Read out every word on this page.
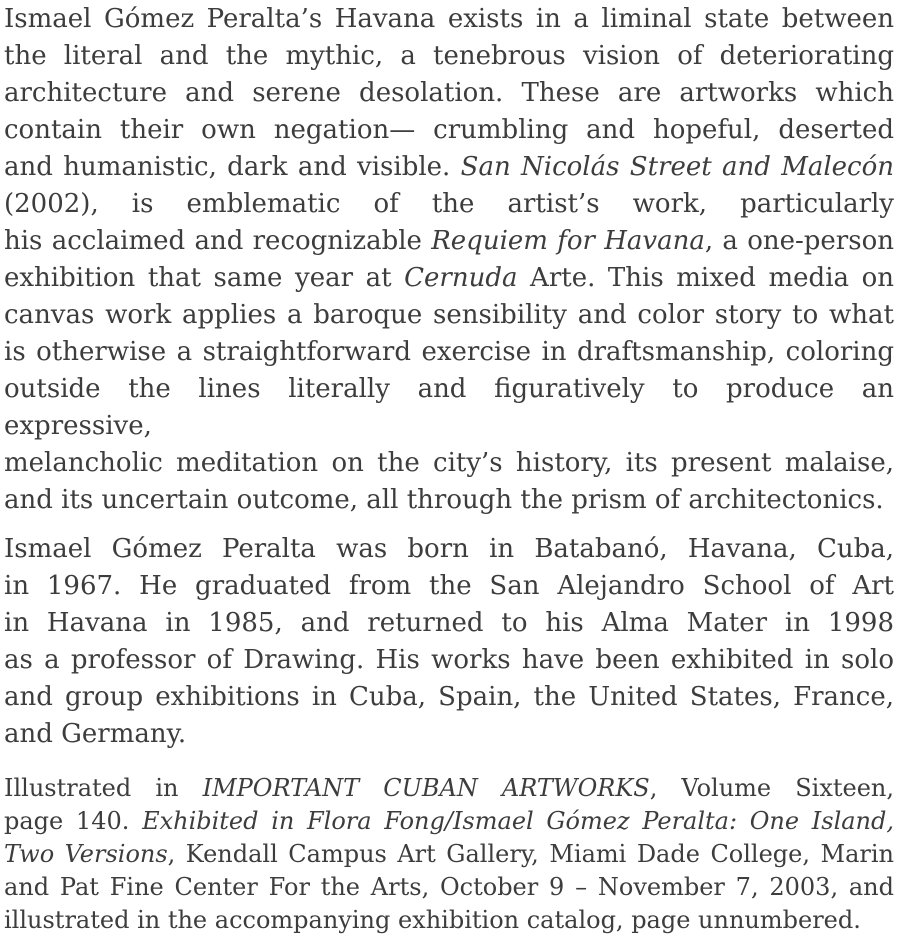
Ismael Gómez Peralta’s Havana exists in a liminal state between
the literal and the mythic, a tenebrous vision of deteriorating
architecture and serene desolation. These are artworks which
contain their own negation— crumbling and hopeful, deserted
and humanistic, dark and visible. San Nicolás Street and Malecón
(2002), is emblematic of the artist’s work, particularly
his acclaimed and recognizable Requiem for Havana, a one-person
exhibition that same year at Cernuda Arte. This mixed media on
canvas work applies a baroque sensibility and color story to what
is otherwise a straightforward exercise in draftsmanship, coloring
outside the lines literally and figuratively to produce an expressive,
melancholic meditation on the city’s history, its present malaise,
and its uncertain outcome, all through the prism of architectonics.
Ismael Gómez Peralta was born in Batabanó, Havana, Cuba,
in 1967. He graduated from the San Alejandro School of Art
in Havana in 1985, and returned to his Alma Mater in 1998
as a professor of Drawing. His works have been exhibited in solo
and group exhibitions in Cuba, Spain, the United States, France,
and Germany.
Illustrated in IMPORTANT CUBAN ARTWORKS, Volume Sixteen,
page 140. Exhibited in Flora Fong/Ismael Gómez Peralta: One Island,
Two Versions, Kendall Campus Art Gallery, Miami Dade College, Marin
and Pat Fine Center For the Arts, October 9 – November 7, 2003, and
illustrated in the accompanying exhibition catalog, page unnumbered.
